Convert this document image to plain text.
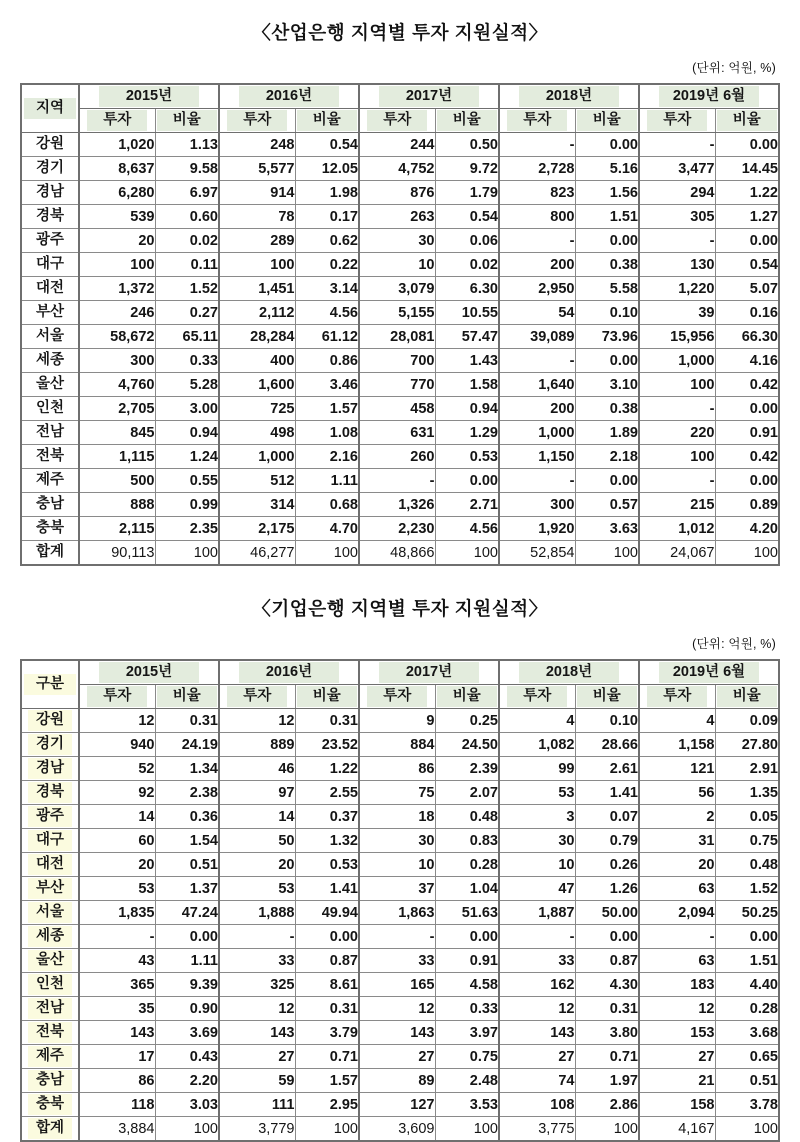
〈산업은행 지역별 투자 지원실적〉
(단위: 억원, %)
지역	2015년		2016년		2017년		2018년		2019년 6월	
	투자	비율	투자	비율	투자	비율	투자	비율	투자	비율
강원	1,020	1.13	248	0.54	244	0.50	-	0.00	-	0.00
경기	8,637	9.58	5,577	12.05	4,752	9.72	2,728	5.16	3,477	14.45
경남	6,280	6.97	914	1.98	876	1.79	823	1.56	294	1.22
경북	539	0.60	78	0.17	263	0.54	800	1.51	305	1.27
광주	20	0.02	289	0.62	30	0.06	-	0.00	-	0.00
대구	100	0.11	100	0.22	10	0.02	200	0.38	130	0.54
대전	1,372	1.52	1,451	3.14	3,079	6.30	2,950	5.58	1,220	5.07
부산	246	0.27	2,112	4.56	5,155	10.55	54	0.10	39	0.16
서울	58,672	65.11	28,284	61.12	28,081	57.47	39,089	73.96	15,956	66.30
세종	300	0.33	400	0.86	700	1.43	-	0.00	1,000	4.16
울산	4,760	5.28	1,600	3.46	770	1.58	1,640	3.10	100	0.42
인천	2,705	3.00	725	1.57	458	0.94	200	0.38	-	0.00
전남	845	0.94	498	1.08	631	1.29	1,000	1.89	220	0.91
전북	1,115	1.24	1,000	2.16	260	0.53	1,150	2.18	100	0.42
제주	500	0.55	512	1.11	-	0.00	-	0.00	-	0.00
충남	888	0.99	314	0.68	1,326	2.71	300	0.57	215	0.89
충북	2,115	2.35	2,175	4.70	2,230	4.56	1,920	3.63	1,012	4.20
합계	90,113	100	46,277	100	48,866	100	52,854	100	24,067	100
〈기업은행 지역별 투자 지원실적〉
(단위: 억원, %)
구분	2015년		2016년		2017년		2018년		2019년 6월	
	투자	비율	투자	비율	투자	비율	투자	비율	투자	비율
강원	12	0.31	12	0.31	9	0.25	4	0.10	4	0.09
경기	940	24.19	889	23.52	884	24.50	1,082	28.66	1,158	27.80
경남	52	1.34	46	1.22	86	2.39	99	2.61	121	2.91
경북	92	2.38	97	2.55	75	2.07	53	1.41	56	1.35
광주	14	0.36	14	0.37	18	0.48	3	0.07	2	0.05
대구	60	1.54	50	1.32	30	0.83	30	0.79	31	0.75
대전	20	0.51	20	0.53	10	0.28	10	0.26	20	0.48
부산	53	1.37	53	1.41	37	1.04	47	1.26	63	1.52
서울	1,835	47.24	1,888	49.94	1,863	51.63	1,887	50.00	2,094	50.25
세종	-	0.00	-	0.00	-	0.00	-	0.00	-	0.00
울산	43	1.11	33	0.87	33	0.91	33	0.87	63	1.51
인천	365	9.39	325	8.61	165	4.58	162	4.30	183	4.40
전남	35	0.90	12	0.31	12	0.33	12	0.31	12	0.28
전북	143	3.69	143	3.79	143	3.97	143	3.80	153	3.68
제주	17	0.43	27	0.71	27	0.75	27	0.71	27	0.65
충남	86	2.20	59	1.57	89	2.48	74	1.97	21	0.51
충북	118	3.03	111	2.95	127	3.53	108	2.86	158	3.78
합계	3,884	100	3,779	100	3,609	100	3,775	100	4,167	100
